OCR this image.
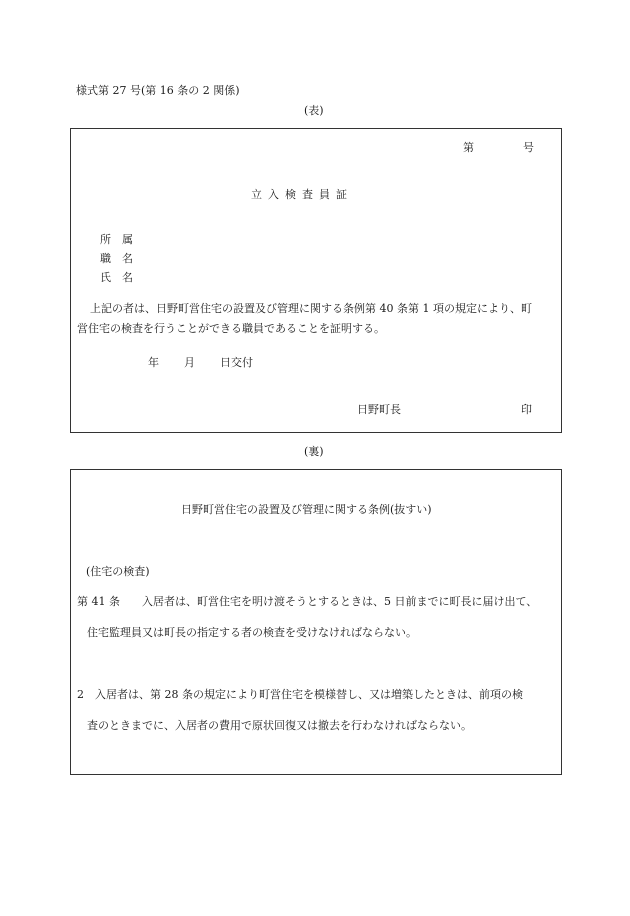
様式第 27 号(第 16 条の 2 関係)
(表)
第	号
立入検査員証
所　属
職　名
氏　名
上記の者は、日野町営住宅の設置及び管理に関する条例第 40 条第 1 項の規定により、町
営住宅の検査を行うことができる職員であることを証明する。
年 月 日交付
日野町長	印
(裏)
日野町営住宅の設置及び管理に関する条例(抜すい)
(住宅の検査)
第 41 条 入居者は、町営住宅を明け渡そうとするときは、5 日前までに町長に届け出て、
住宅監理員又は町長の指定する者の検査を受けなければならない。
2　入居者は、第 28 条の規定により町営住宅を模様替し、又は増築したときは、前項の検
査のときまでに、入居者の費用で原状回復又は撤去を行わなければならない。
